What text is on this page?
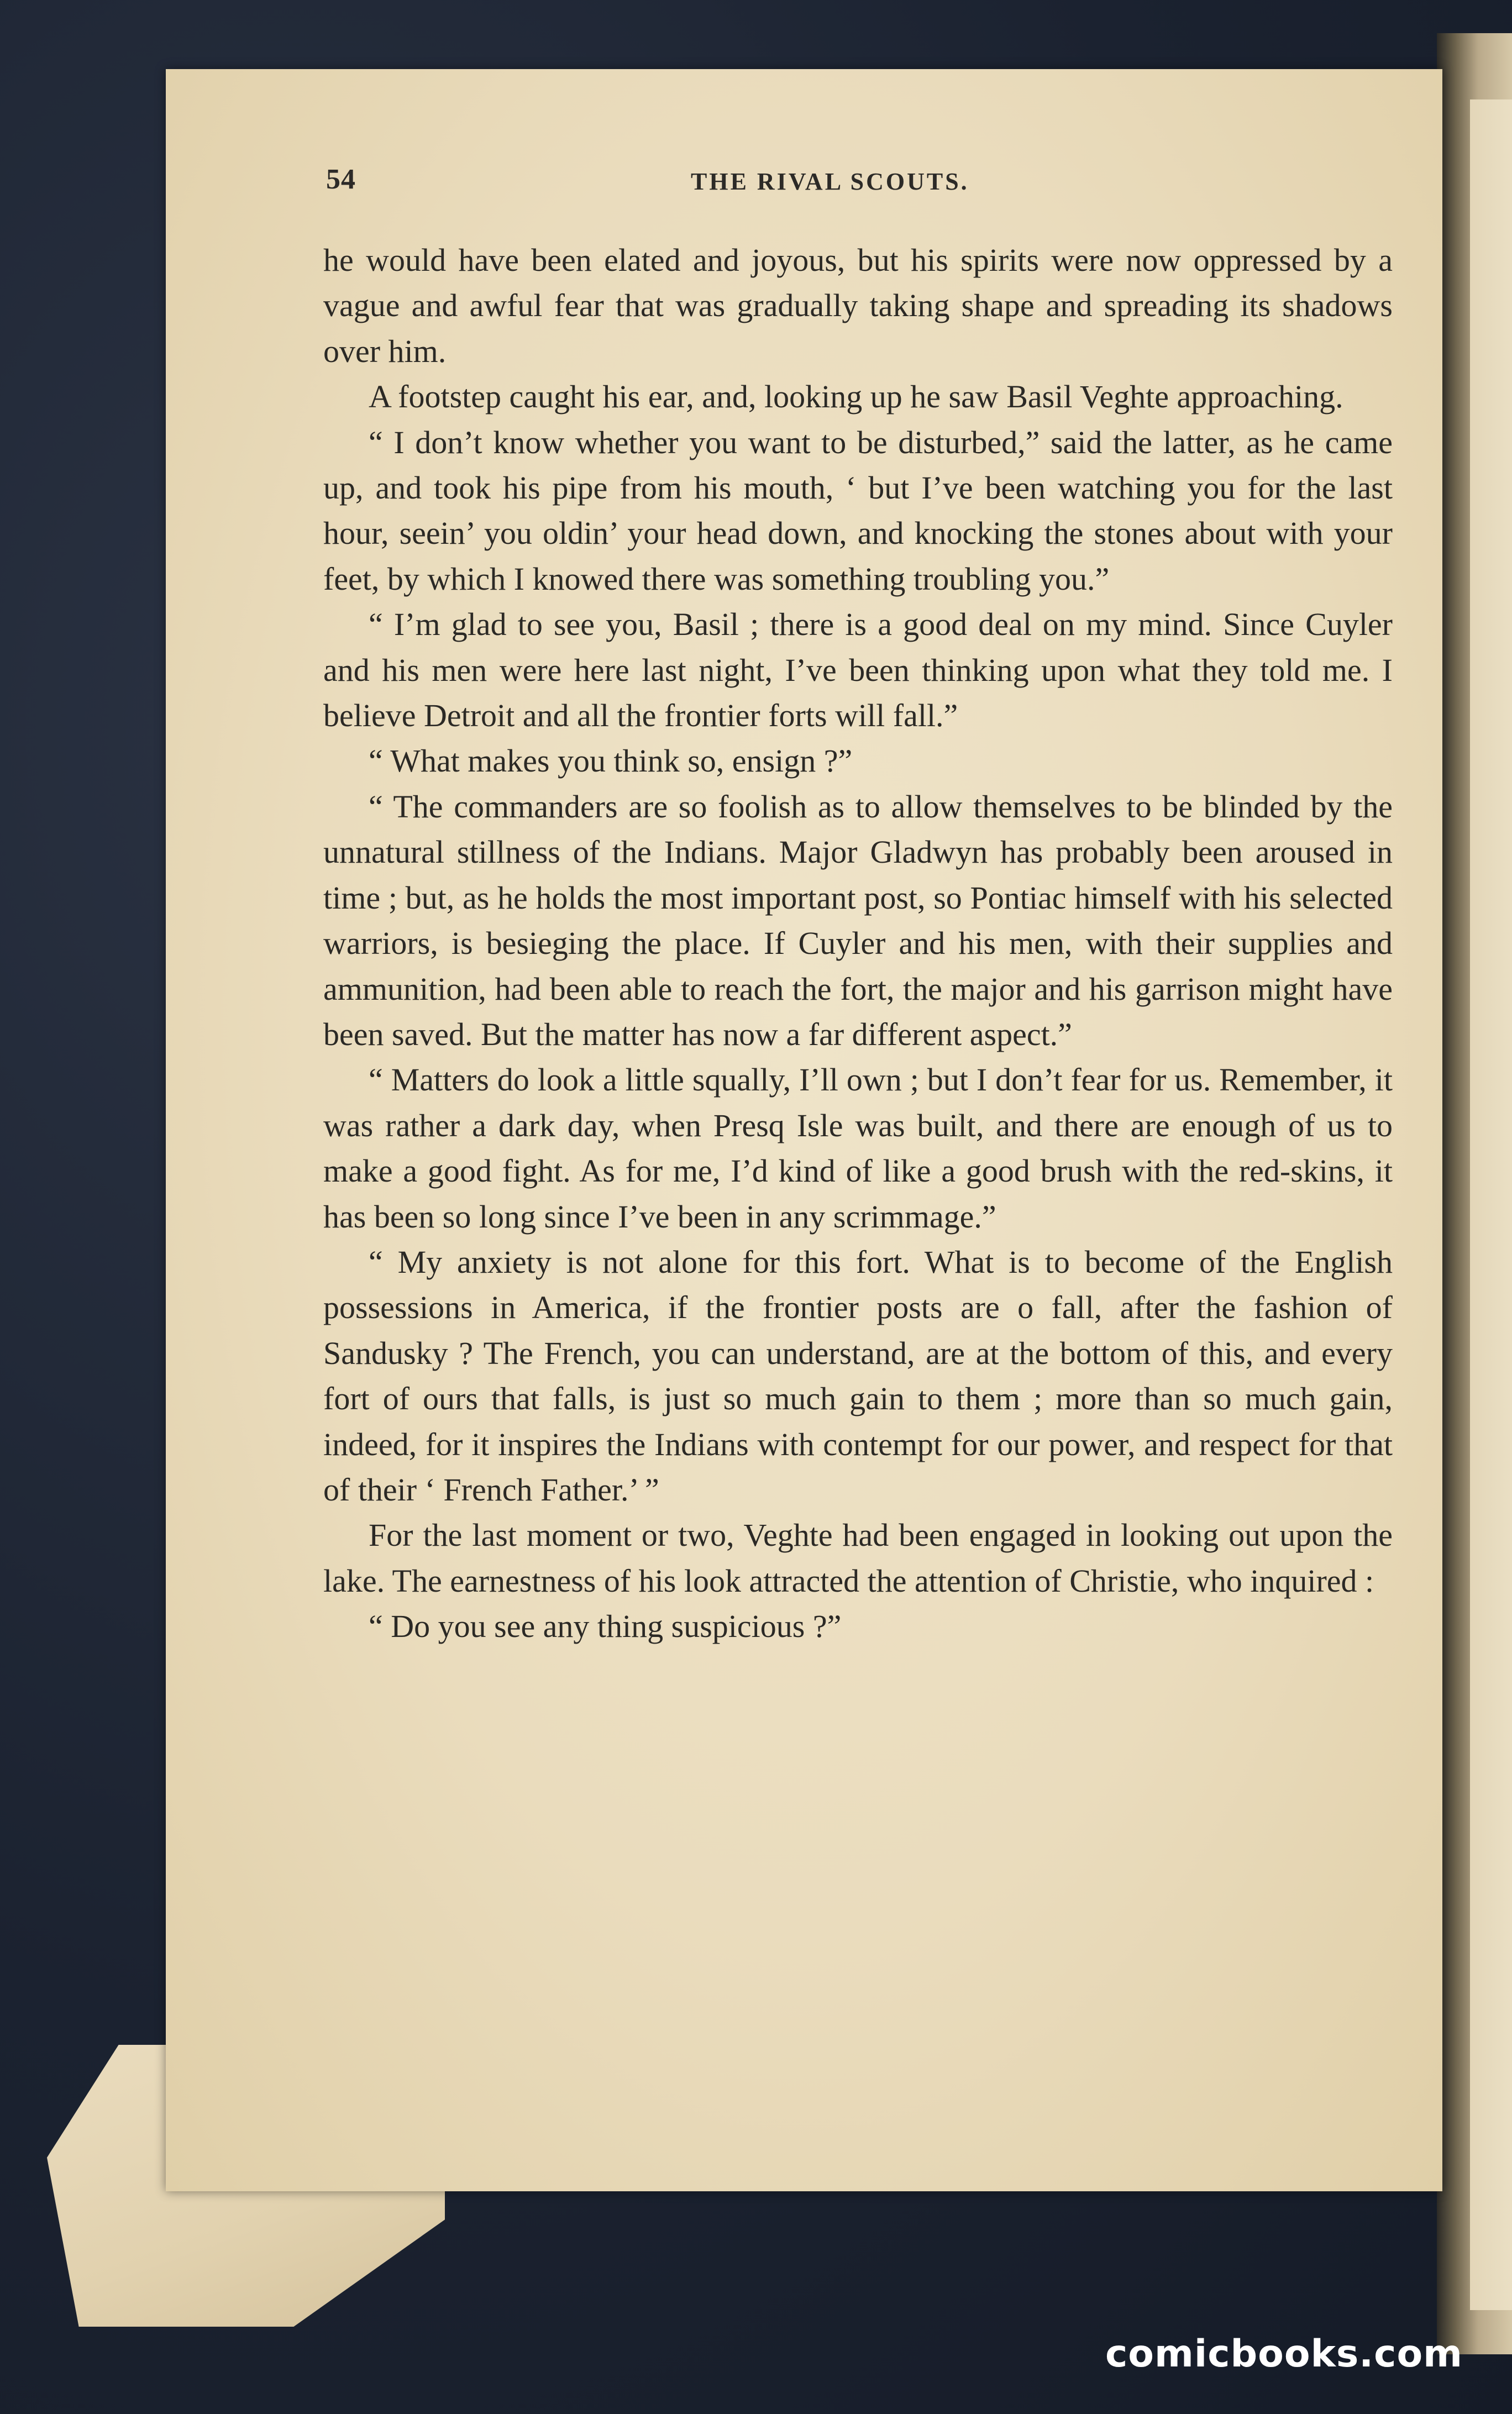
54	THE RIVAL SCOUTS.

he would have been elated and joyous, but his spirits were now oppressed by a vague and awful fear that was gradually taking shape and spreading its shadows over him.

A footstep caught his ear, and, looking up he saw Basil Veghte approaching.

“ I don’t know whether you want to be disturbed,” said the latter, as he came up, and took his pipe from his mouth, ‘ but I’ve been watching you for the last hour, seein’ you oldin’ your head down, and knocking the stones about with your feet, by which I knowed there was something troubling you.”

“ I’m glad to see you, Basil ; there is a good deal on my mind. Since Cuyler and his men were here last night, I’ve been thinking upon what they told me. I believe Detroit and all the frontier forts will fall.”

“ What makes you think so, ensign ?”

“ The commanders are so foolish as to allow themselves to be blinded by the unnatural stillness of the Indians. Major Gladwyn has probably been aroused in time ; but, as he holds the most important post, so Pontiac himself with his selected warriors, is besieging the place. If Cuyler and his men, with their supplies and ammunition, had been able to reach the fort, the major and his garrison might have been saved. But the matter has now a far different aspect.”

“ Matters do look a little squally, I’ll own ; but I don’t fear for us. Remember, it was rather a dark day, when Presq Isle was built, and there are enough of us to make a good fight. As for me, I’d kind of like a good brush with the red-skins, it has been so long since I’ve been in any scrimmage.”

“ My anxiety is not alone for this fort. What is to become of the English possessions in America, if the frontier posts are o fall, after the fashion of Sandusky ? The French, you can understand, are at the bottom of this, and every fort of ours that falls, is just so much gain to them ; more than so much gain, indeed, for it inspires the Indians with contempt for our power, and respect for that of their ‘ French Father.’ ”

For the last moment or two, Veghte had been engaged in looking out upon the lake. The earnestness of his look attracted the attention of Christie, who inquired :

“ Do you see any thing suspicious ?”

comicbooks.com
